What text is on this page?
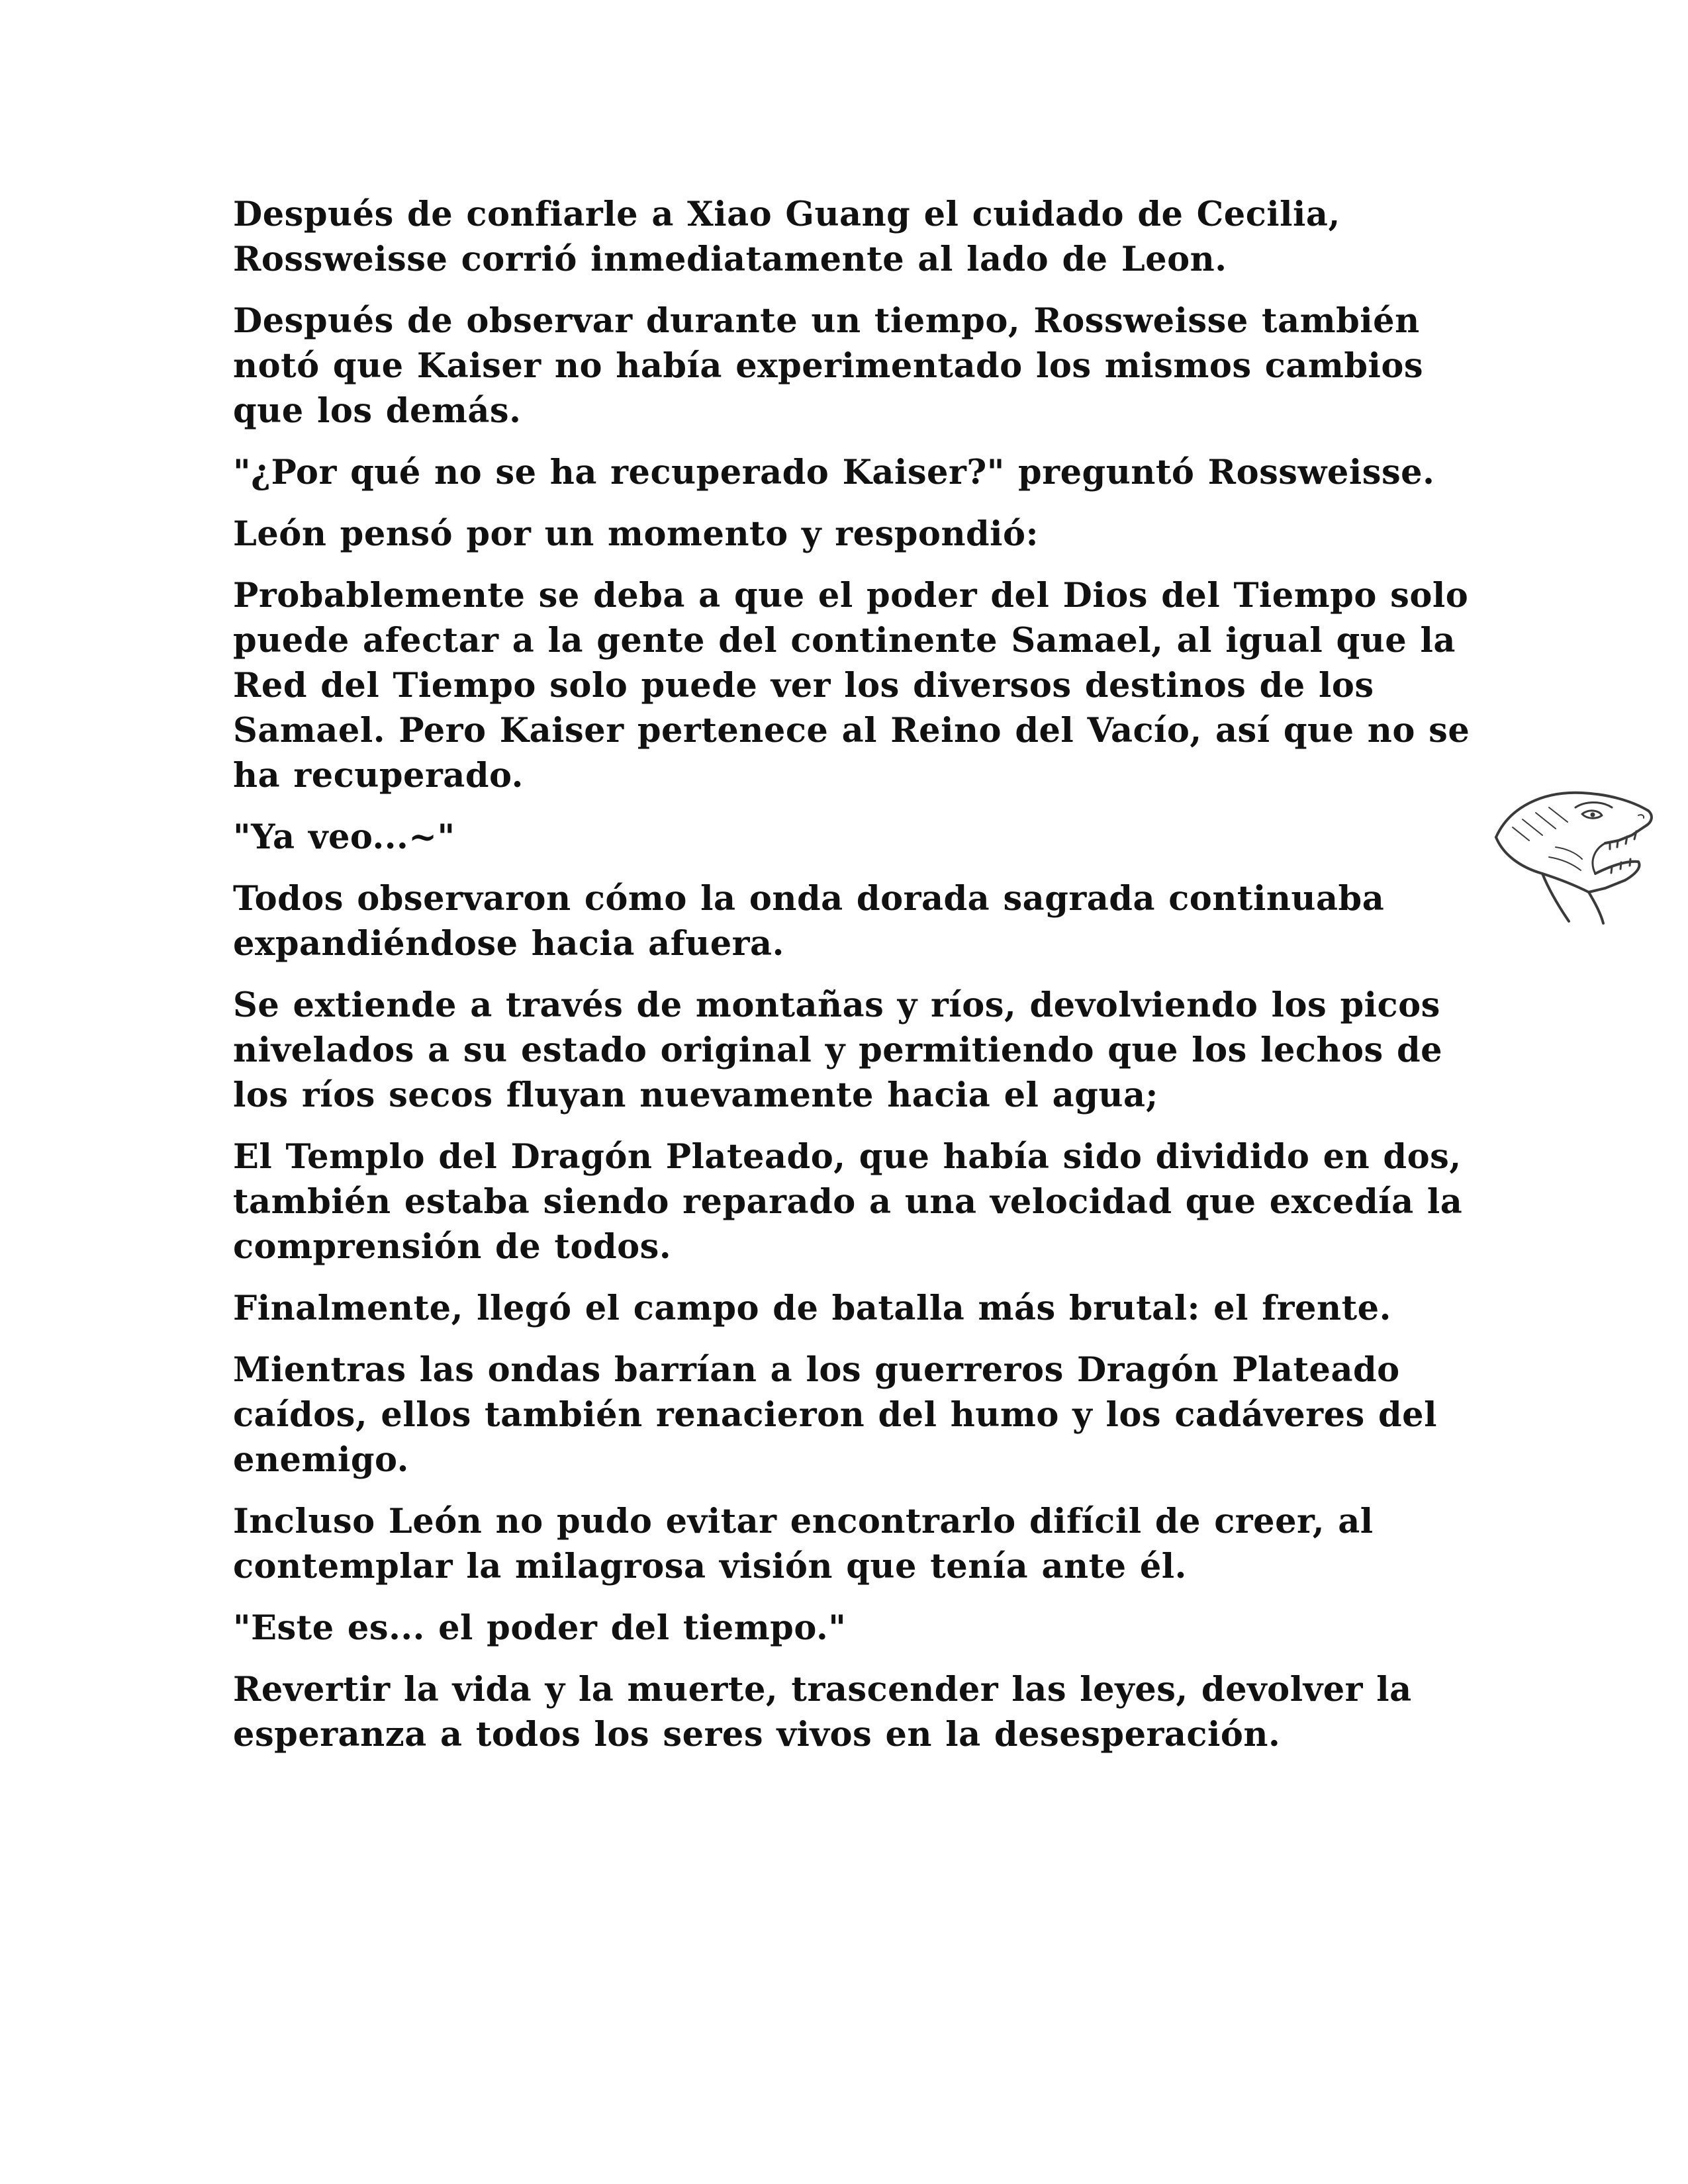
Después de confiarle a Xiao Guang el cuidado de Cecilia, Rossweisse corrió inmediatamente al lado de Leon.

Después de observar durante un tiempo, Rossweisse también notó que Kaiser no había experimentado los mismos cambios que los demás.

"¿Por qué no se ha recuperado Kaiser?" preguntó Rossweisse.

León pensó por un momento y respondió:

Probablemente se deba a que el poder del Dios del Tiempo solo puede afectar a la gente del continente Samael, al igual que la Red del Tiempo solo puede ver los diversos destinos de los Samael. Pero Kaiser pertenece al Reino del Vacío, así que no se ha recuperado.

"Ya veo...~"

Todos observaron cómo la onda dorada sagrada continuaba expandiéndose hacia afuera.

Se extiende a través de montañas y ríos, devolviendo los picos nivelados a su estado original y permitiendo que los lechos de los ríos secos fluyan nuevamente hacia el agua;

El Templo del Dragón Plateado, que había sido dividido en dos, también estaba siendo reparado a una velocidad que excedía la comprensión de todos.

Finalmente, llegó el campo de batalla más brutal: el frente.

Mientras las ondas barrían a los guerreros Dragón Plateado caídos, ellos también renacieron del humo y los cadáveres del enemigo.

Incluso León no pudo evitar encontrarlo difícil de creer, al contemplar la milagrosa visión que tenía ante él.

"Este es... el poder del tiempo."

Revertir la vida y la muerte, trascender las leyes, devolver la esperanza a todos los seres vivos en la desesperación.
